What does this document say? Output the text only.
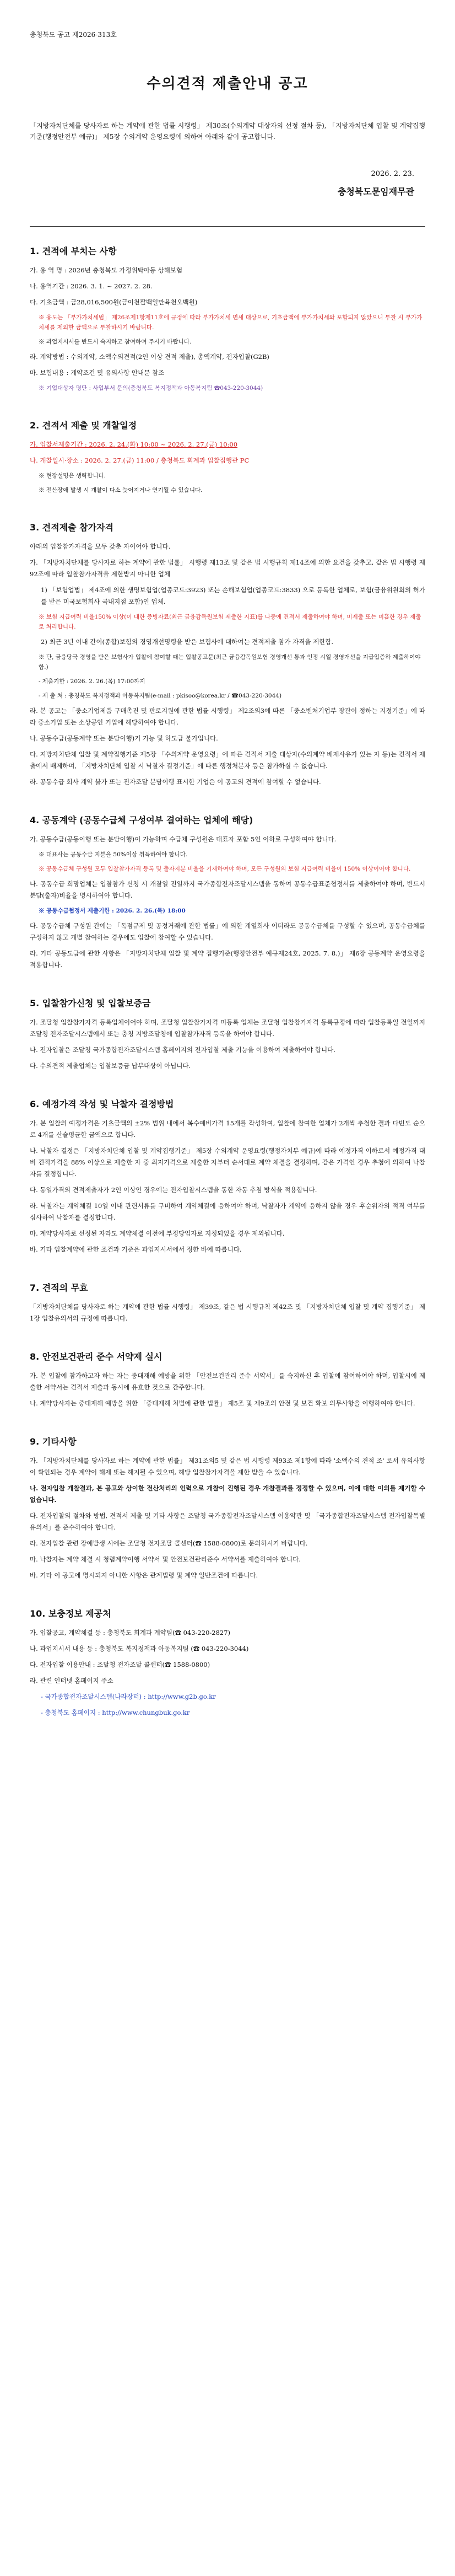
충청북도 공고 제2026-313호

수의견적 제출안내 공고

「지방자치단체를 당사자로 하는 계약에 관한 법률 시행령」 제30조(수의계약 대상자의 선정 절차 등), 「지방자치단체 입찰 및 계약집행기준(행정안전부 예규)」 제5장 수의계약 운영요령에 의하여 아래와 같이 공고합니다.

2026. 2. 23.

충청북도문임재무관

1. 견적에 부치는 사항

가. 용 역 명 : 2026년 충청북도 가정위탁아동 상해보험

나. 용역기간 : 2026. 3. 1. ~ 2027. 2. 28.

다. 기초금액 : 금28,016,500원(금이천팔백일만육천오백원)

※ 용도는 「부가가치세법」 제26조제1항제11호에 규정에 따라 부가가치세 면세 대상으로, 기초금액에 부가가치세와 포함되지 않았으니 투찰 시 부가가치세를 제외한 금액으로 투찰하시기 바랍니다.

※ 과업지시서를 반드시 숙지하고 참여하여 주시기 바랍니다.

라. 계약방법 : 수의계약, 소액수의견적(2인 이상 견적 제출), 총액계약, 전자입찰(G2B)

마. 보험내용 : 계약조건 및 유의사항 안내문 참조

※ 기업대상자 명단 : 사업부서 문의(충청북도 복지정책과 아동복지팀 ☎043-220-3044)

2. 견적서 제출 및 개찰일정

가. 입찰서제출기간 : 2026. 2. 24.(화) 10:00 ~ 2026. 2. 27.(금) 10:00

나. 개찰일시·장소 : 2026. 2. 27.(금) 11:00 / 충청북도 회계과 입찰집행관 PC

※ 현장설명은 생략합니다.

※ 전산장애 발생 시 개찰이 다소 늦어지거나 연기될 수 있습니다.

3. 견적제출 참가자격

아래의 입찰참가자격을 모두 갖춘 자이어야 합니다.

가. 「지방자치단체를 당사자로 하는 계약에 관한 법률」 시행령 제13조 및 같은 법 시행규칙 제14조에 의한 요건을 갖추고, 같은 법 시행령 제92조에 따라 입찰참가자격을 제한받지 아니한 업체

1) 「보험업법」 제4조에 의한 생명보험업(업종코드:3923) 또는 손해보험업(업종코드:3833) 으로 등록한 업체로, 보험(금융위원회의 허가를 받은 미국보험회사 국내지점 포함)인 업체.

※ 보험 지급여력 비율150% 이상(이 대한 증빙자료(최근 금융감독원보험 제출한 지표)를 나중에 견적서 제출하여야 하며, 미제출 또는 미흡한 경우 제출로 처리합니다.

2) 최근 3년 이내 간이(종합)보험의 경영개선명령을 받은 보험사에 대하여는 견적제출 참가 자격을 제한함.

※ 단, 금융당국 경영을 받은 보험사가 입찰에 참여할 때는 입찰공고문(최근 금융감독원보험 경영개선 통과 인정 시일 경영개선을 지급입증하 제출하여야 함.)

- 제출기한 : 2026. 2. 26.(목) 17:00까지

- 제 출 처 : 충청북도 복지정책과 아동복지팀(e-mail : pkisoo@korea.kr / ☎043-220-3044)

라. 본 공고는 「중소기업제품 구매촉진 및 판로지원에 관한 법률 시행령」 제2조의3에 따른 「중소벤처기업부 장관이 정하는 지정기준」에 따라 중소기업 또는 소상공인 기업에 해당하여야 합니다.

나. 공동수급(공동계약 또는 분담이행)기 가능 및 하도급 불가입니다.

다. 지방자치단체 입찰 및 계약집행기준 제5장 「수의계약 운영요령」에 따른 견적서 제출 대상자(수의계약 배제사유가 있는 자 등)는 견적서 제출에서 배제하며, 「지방자치단체 입찰 시 낙찰자 결정기준」에 따른 행정처분자 등은 참가하실 수 없습니다.

라. 공동수급 회사 계약 불가 또는 전자조달 분담이행 표시한 기업은 이 공고의 견적에 참여할 수 없습니다.

4. 공동계약 (공동수급체 구성여부 결여하는 업체에 해당)

가. 공동수급(공동이행 또는 분담이행)이 가능하며 수급체 구성원은 대표자 포함 5인 이하로 구성하여야 합니다.

※ 대표사는 공동수급 지분을 50%이상 취득하여야 합니다.

※ 공동수급체 구성원 모두 입찰참가자격 등록 및 출자지분 비율을 기재하여야 하며, 모든 구성원의 보험 지급여력 비율이 150% 이상이어야 합니다.

나. 공동수급 희망업체는 입찰참가 신청 시 개찰일 전일까지 국가종합전자조달시스템을 통하여 공동수급표준협정서를 제출하여야 하며, 반드시 분담(출자)비율을 명시하여야 합니다.

※ 공동수급협정서 제출기한 : 2026. 2. 26.(목) 18:00

다. 공동수급체 구성원 간에는 「독점규제 및 공정거래에 관한 법률」에 의한 계열회사 이더라도 공동수급체를 구성할 수 있으며, 공동수급체를 구성하지 않고 개별 참여하는 경우에도 입찰에 참여할 수 있습니다.

라. 기타 공동도급에 관한 사항은 「지방자치단체 입찰 및 계약 집행기준(행정안전부 예규제24호, 2025. 7. 8.)」 제6장 공동계약 운영요령을 적용합니다.

5. 입찰참가신청 및 입찰보증금

가. 조달청 입찰참가자격 등록업체이어야 하며, 조달청 입찰참가자격 미등록 업체는 조달청 입찰참가자격 등록규정에 따라 입찰등록일 전일까지 조달청 전자조달시스템에서 또는 충청 지방조달청에 입찰참가자격 등록을 하여야 합니다.

나. 전자입찰은 조달청 국가종합전자조달시스템 홈페이지의 전자입찰 제출 기능을 이용하여 제출하여야 합니다.

다. 수의견적 제출업체는 입찰보증금 납부대상이 아닙니다.

6. 예정가격 작성 및 낙찰자 결정방법

가. 본 입찰의 예정가격은 기초금액의 ±2% 범위 내에서 복수예비가격 15개를 작성하여, 입찰에 참여한 업체가 2개씩 추첨한 결과 다빈도 순으로 4개를 산술평균한 금액으로 합니다.

나. 낙찰자 결정은 「지방자치단체 입찰 및 계약집행기준」 제5장 수의계약 운영요령(행정자치부 예규)에 따라 예정가격 이하로서 예정가격 대비 견적가격을 88% 이상으로 제출한 자 중 최저가격으로 제출한 자부터 순서대로 계약 체결을 결정하며, 같은 가격인 경우 추첨에 의하여 낙찰자를 결정합니다.

다. 동일가격의 견적제출자가 2인 이상인 경우에는 전자입찰시스템을 통한 자동 추첨 방식을 적용합니다.

라. 낙찰자는 계약체결 10일 이내 관련서류를 구비하여 계약체결에 응하여야 하며, 낙찰자가 계약에 응하지 않을 경우 후순위자의 적격 여부를 심사하여 낙찰자를 결정합니다.

마. 계약당사자로 선정된 자라도 계약체결 이전에 부정당업자로 지정되었을 경우 제외됩니다.

바. 기타 입찰계약에 관한 조건과 기준은 과업지시서에서 정한 바에 따릅니다.

7. 견적의 무효

「지방자치단체를 당사자로 하는 계약에 관한 법률 시행령」 제39조, 같은 법 시행규칙 제42조 및 「지방자치단체 입찰 및 계약 집행기준」 제1장 입찰유의서의 규정에 따릅니다.

8. 안전보건관리 준수 서약제 실시

가. 본 입찰에 참가하고자 하는 자는 중대재해 예방을 위한 「안전보건관리 준수 서약서」를 숙지하신 후 입찰에 참여하여야 하며, 입찰시에 제출한 서약서는 견적서 제출과 동시에 유효한 것으로 간주합니다.

나. 계약당사자는 중대재해 예방을 위한 「중대재해 처벌에 관한 법률」 제5조 및 제9조의 안전 및 보건 확보 의무사항을 이행하여야 합니다.

9. 기타사항

가. 「지방자치단체를 당사자로 하는 계약에 관한 법률」 제31조의5 및 같은 법 시행령 제93조 제1항에 따라 '소액수의 견적 조' 로서 유의사항이 확인되는 경우 계약이 해제 또는 해지될 수 있으며, 해당 입찰참가자격을 제한 받을 수 있습니다.

나. 전자입찰 개찰결과, 본 공고와 상이한 전산처리의 인력으로 개찰이 진행된 경우 개찰결과를 정정할 수 있으며, 이에 대한 이의를 제기할 수 없습니다.

다. 전자입찰의 절차와 방법, 견적서 제출 및 기타 사항은 조달청 국가종합전자조달시스템 이용약관 및 「국가종합전자조달시스템 전자입찰특별유의서」를 준수하여야 합니다.

라. 전자입찰 관련 장애발생 시에는 조달청 전자조달 콜센터(☎ 1588-0800)로 문의하시기 바랍니다.

마. 낙찰자는 계약 체결 시 청렴계약이행 서약서 및 안전보건관리준수 서약서를 제출하여야 합니다.

바. 기타 이 공고에 명시되지 아니한 사항은 관계법령 및 계약 일반조건에 따릅니다.

10. 보충정보 제공처

가. 입찰공고, 계약체결 등 : 충청북도 회계과 계약팀(☎ 043-220-2827)

나. 과업지시서 내용 등 : 충청북도 복지정책과 아동복지팀 (☎ 043-220-3044)

다. 전자입찰 이용안내 : 조달청 전자조달 콜센터(☎ 1588-0800)

라. 관련 인터넷 홈페이지 주소

- 국가종합전자조달시스템(나라장터) : http://www.g2b.go.kr

- 충청북도 홈페이지 : http://www.chungbuk.go.kr
